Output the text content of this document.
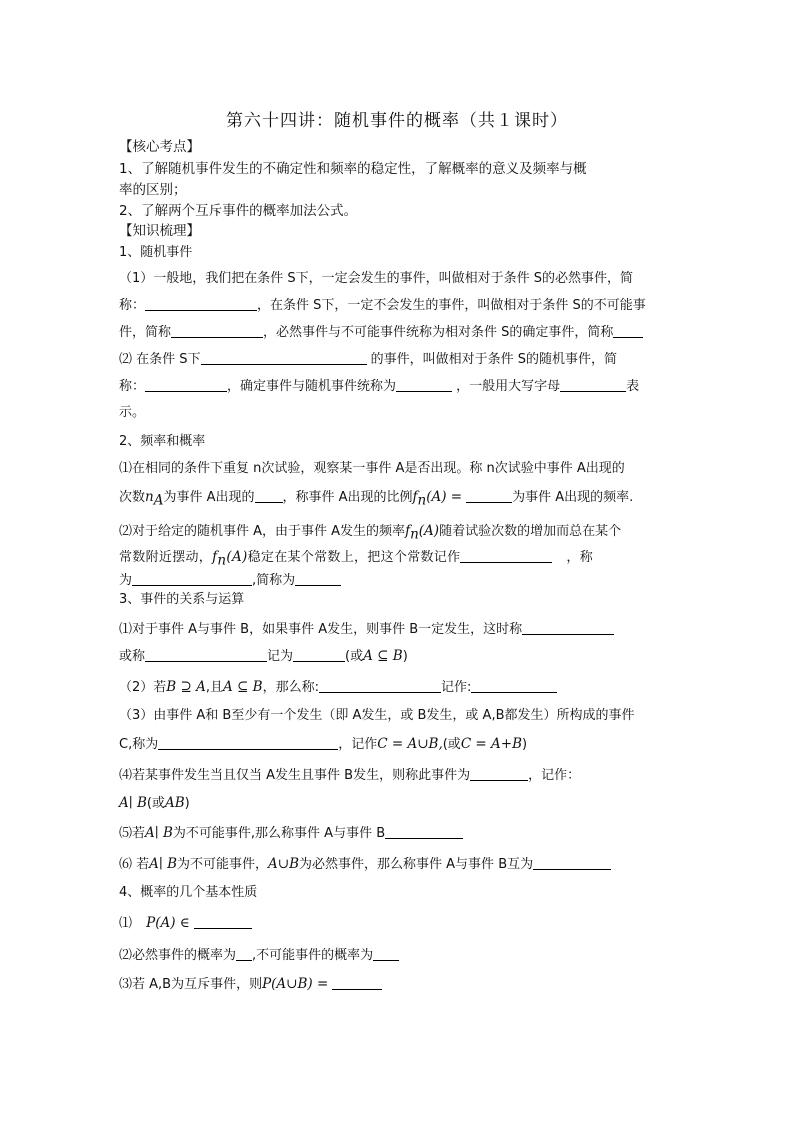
第六十四讲：随机事件的概率（共１课时）
【核心考点】
1、了解随机事件发生的不确定性和频率的稳定性，了解概率的意义及频率与概
率的区别；
2、了解两个互斥事件的概率加法公式。
【知识梳理】
1、随机事件
（1）一般地，我们把在条件 S下，一定会发生的事件，叫做相对于条件 S的必然事件，简
称：	，在条件 S下，一定不会发生的事件，叫做相对于条件 S的不可能事
件，简称	，必然事件与不可能事件统称为相对条件 S的确定事件，简称
⑵ 在条件 S下	的事件，叫做相对于条件 S的随机事件，简
称：	，确定事件与随机事件统称为	，一般用大写字母	表
示。
2、频率和概率
⑴在相同的条件下重复 n次试验，观察某一事件 A是否出现。称 n次试验中事件 A出现的
次数$n_A$为事件 A出现的 ，称事件 A出现的比例$f_n(A)$ =	为事件 A出现的频率.
⑵对于给定的随机事件 A，由于事件 A发生的频率$f_n(A)$随着试验次数的增加而总在某个
常数附近摆动，$f_n(A)$稳定在某个常数上，把这个常数记作	，称
为	,简称为
3、事件的关系与运算
⑴对于事件 A与事件 B，如果事件 A发生，则事件 B一定发生，这时称
或称	记为	(或A ⊆ B)
（2）若B ⊇ A,且A ⊆ B，那么称:	记作:
（3）由事件 A和 B至少有一个发生（即 A发生，或 B发生，或 A,B都发生）所构成的事件
C,称为	，记作C = A∪B,(或C = A+B)
⑷若某事件发生当且仅当 A发生且事件 B发生，则称此事件为	，记作：
A∣ B(或AB)
⑸若A∣ B为不可能事件,那么称事件 A与事件 B
⑹ 若A∣ B为不可能事件，A∪B为必然事件，那么称事件 A与事件 B互为
4、概率的几个基本性质
⑴ P(A) ∈
⑵必然事件的概率为 ,不可能事件的概率为
⑶若 A,B为互斥事件，则P(A∪B) =
